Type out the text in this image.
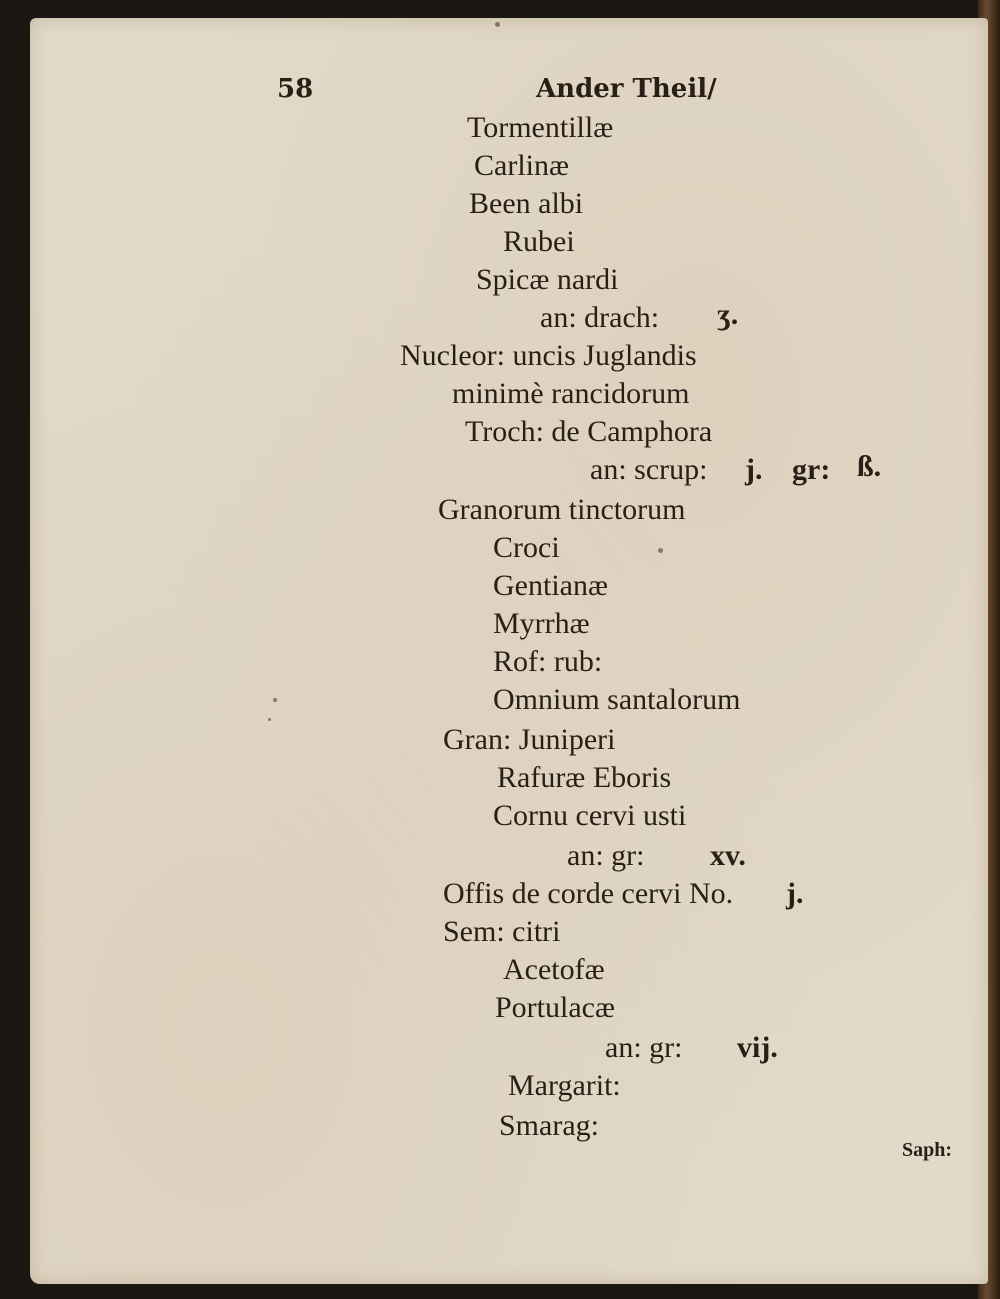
58	Ander Theil/
Tormentillæ
Carlinæ
Been albi
Rubei
Spicæ nardi
an: drach: ʒ.
Nucleor: uncis Juglandis
minimè rancidorum
Troch: de Camphora
an: scrup: j. gr: ß.
Granorum tinctorum
Croci
Gentianæ
Myrrhæ
Rof: rub:
Omnium santalorum
Gran: Juniperi
Rafuræ Eboris
Cornu cervi usti
an: gr: xv.
Offis de corde cervi No. j.
Sem: citri
Acetofæ
Portulacæ
an: gr: vij.
Margarit:
Smarag:
Saph:
